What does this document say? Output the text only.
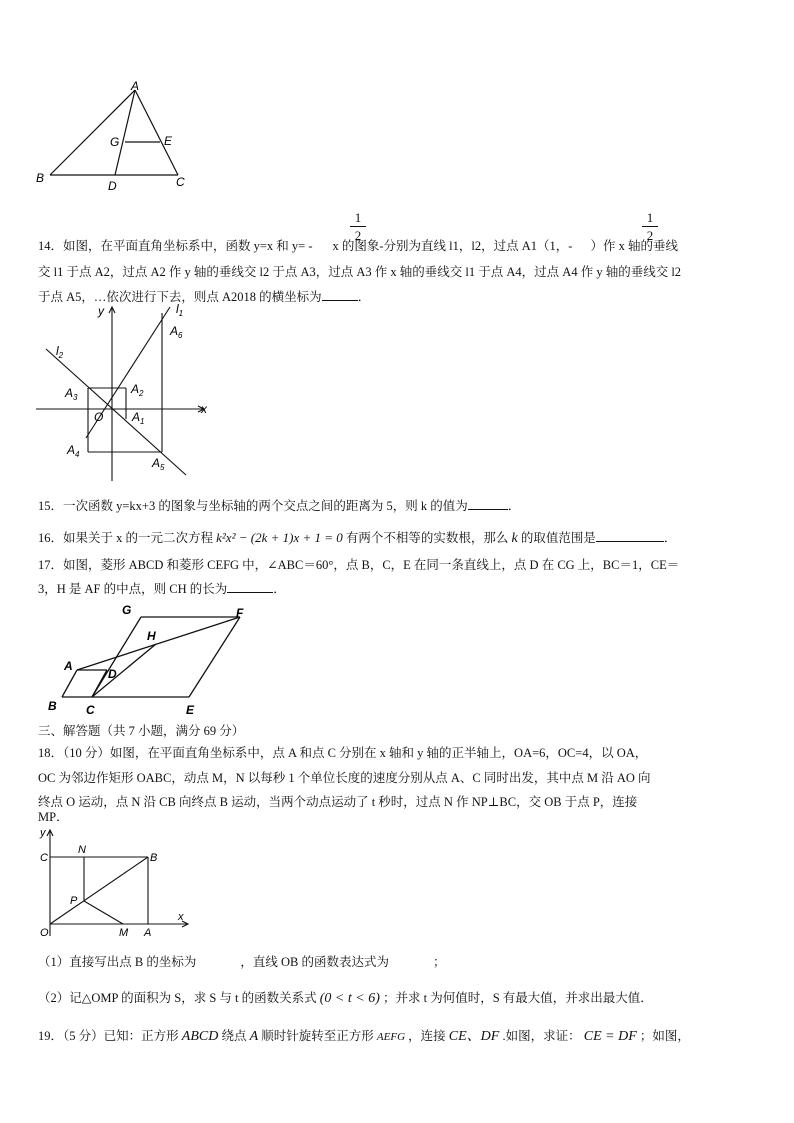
A
B	C
D
E
G
$\frac{1}{2}$	$\frac{1}{2}$
14．如图，在平面直角坐标系中，函数 y=x 和 y= - x 的图象-分别为直线 l1，l2，过点 A1（1，- ）作 x 轴的垂线
交 l1 于点 A2，过点 A2 作 y 轴的垂线交 l2 于点 A3，过点 A3 作 x 轴的垂线交 l1 于点 A4，过点 A4 作 y 轴的垂线交 l2
于点 A5，…依次进行下去，则点 A2018 的横坐标为	．
y
x
O
$l_1$
$l_2$
$A_1$
$A_2$
$A_3$
$A_4$
$A_5$
$A_6$
15．一次函数 y=kx+3 的图象与坐标轴的两个交点之间的距离为 5，则 k 的值为	．
16．如果关于 x 的一元二次方程 k²x² − (2k + 1)x + 1 = 0 有两个不相等的实数根，那么 k 的取值范围是	．
17．如图，菱形 ABCD 和菱形 CEFG 中，∠ABC＝60°，点 B，C，E 在同一条直线上，点 D 在 CG 上，BC＝1，CE＝
3，H 是 AF 的中点，则 CH 的长为	．
G	F
H
A
D
B C	E
三、解答题（共 7 小题，满分 69 分）
18．（10 分）如图，在平面直角坐标系中，点 A 和点 C 分别在 x 轴和 y 轴的正半轴上，OA=6，OC=4，以 OA，
OC 为邻边作矩形 OABC，动点 M，N 以每秒 1 个单位长度的速度分别从点 A、C 同时出发，其中点 M 沿 AO 向
终点 O 运动，点 N 沿 CB 向终点 B 运动，当两个动点运动了 t 秒时，过点 N 作 NP⊥BC，交 OB 于点 P，连接
MP．
y
x
O	A
M
C
N
B
P
（1）直接写出点 B 的坐标为	，直线 OB 的函数表达式为	；
（2）记△OMP 的面积为 S，求 S 与 t 的函数关系式 (0 < t < 6) ；并求 t 为何值时，S 有最大值，并求出最大值．
19．（5 分）已知：正方形 ABCD 绕点 A 顺时针旋转至正方形 AEFG ，连接 CE、DF .如图，求证： CE = DF ；如图，
